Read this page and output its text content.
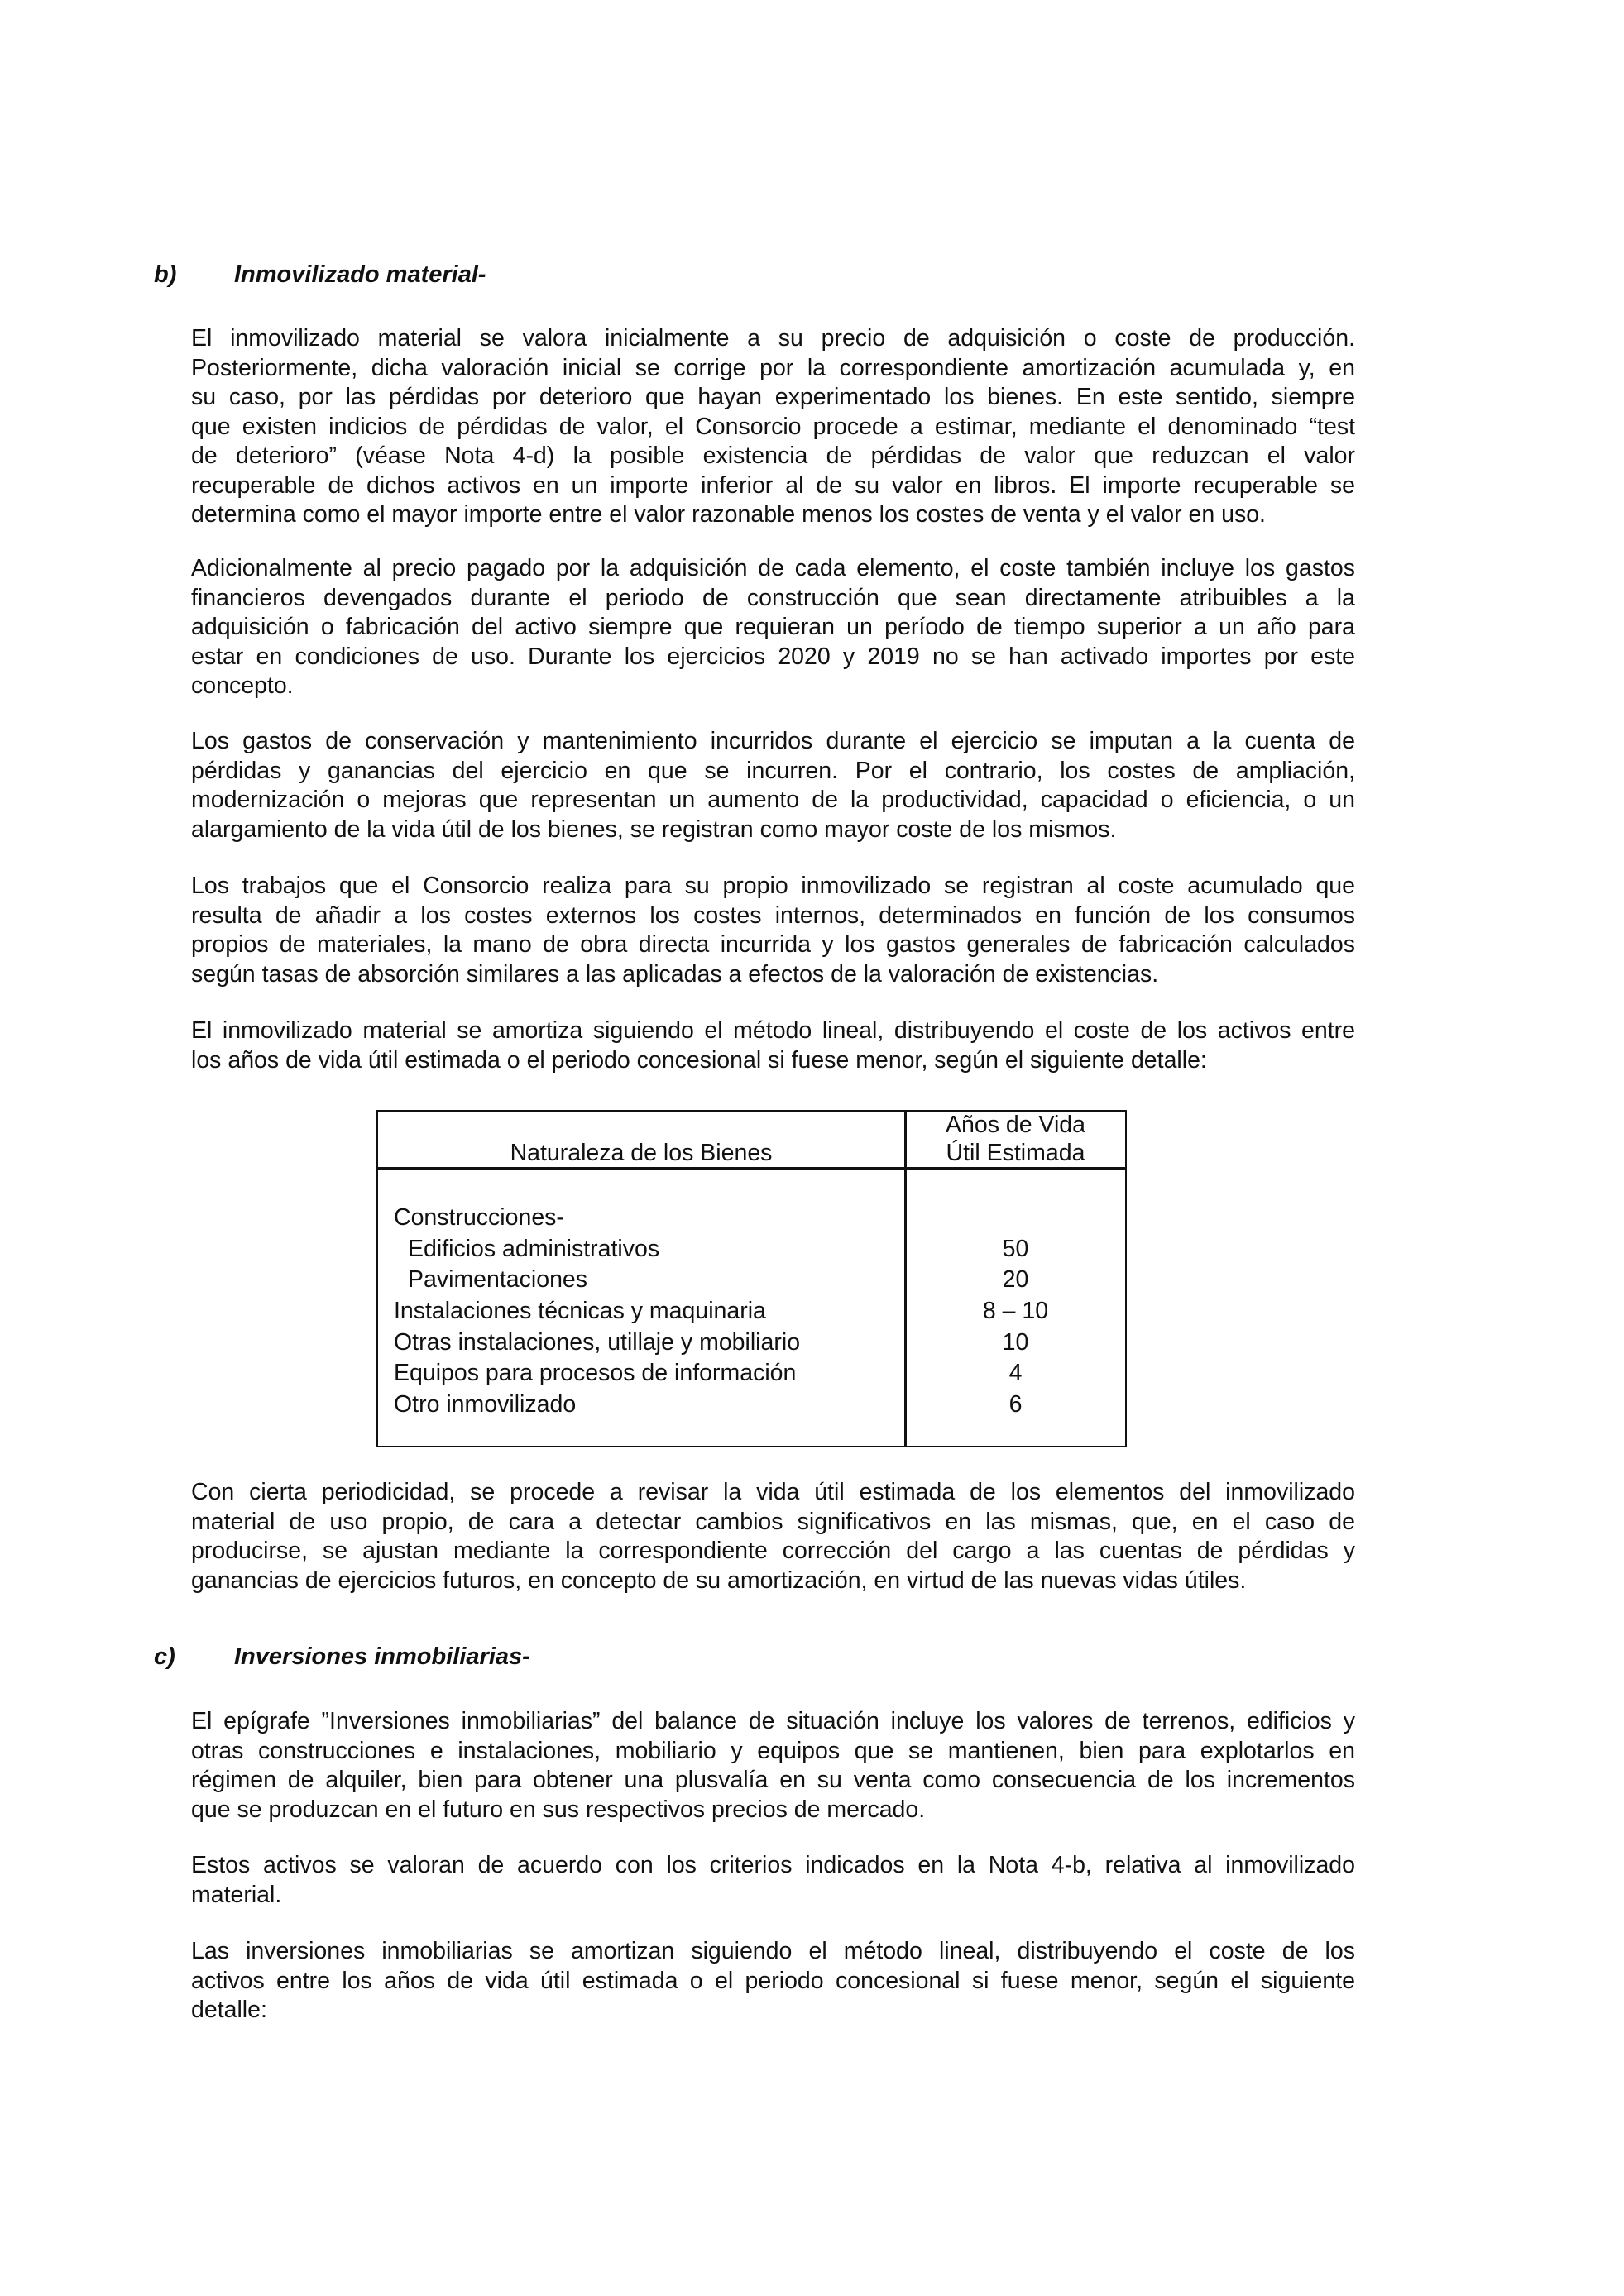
b) Inmovilizado material-
El inmovilizado material se valora inicialmente a su precio de adquisición o coste de producción.
Posteriormente, dicha valoración inicial se corrige por la correspondiente amortización acumulada y, en
su caso, por las pérdidas por deterioro que hayan experimentado los bienes. En este sentido, siempre
que existen indicios de pérdidas de valor, el Consorcio procede a estimar, mediante el denominado “test
de deterioro” (véase Nota 4-d) la posible existencia de pérdidas de valor que reduzcan el valor
recuperable de dichos activos en un importe inferior al de su valor en libros. El importe recuperable se
determina como el mayor importe entre el valor razonable menos los costes de venta y el valor en uso.
Adicionalmente al precio pagado por la adquisición de cada elemento, el coste también incluye los gastos
financieros devengados durante el periodo de construcción que sean directamente atribuibles a la
adquisición o fabricación del activo siempre que requieran un período de tiempo superior a un año para
estar en condiciones de uso. Durante los ejercicios 2020 y 2019 no se han activado importes por este
concepto.
Los gastos de conservación y mantenimiento incurridos durante el ejercicio se imputan a la cuenta de
pérdidas y ganancias del ejercicio en que se incurren. Por el contrario, los costes de ampliación,
modernización o mejoras que representan un aumento de la productividad, capacidad o eficiencia, o un
alargamiento de la vida útil de los bienes, se registran como mayor coste de los mismos.
Los trabajos que el Consorcio realiza para su propio inmovilizado se registran al coste acumulado que
resulta de añadir a los costes externos los costes internos, determinados en función de los consumos
propios de materiales, la mano de obra directa incurrida y los gastos generales de fabricación calculados
según tasas de absorción similares a las aplicadas a efectos de la valoración de existencias.
El inmovilizado material se amortiza siguiendo el método lineal, distribuyendo el coste de los activos entre
los años de vida útil estimada o el periodo concesional si fuese menor, según el siguiente detalle:
Naturaleza de los Bienes
Años de Vida
Útil Estimada
Construcciones-
Edificios administrativos	50
Pavimentaciones	20
Instalaciones técnicas y maquinaria	8 – 10
Otras instalaciones, utillaje y mobiliario	10
Equipos para procesos de información	4
Otro inmovilizado	6
Con cierta periodicidad, se procede a revisar la vida útil estimada de los elementos del inmovilizado
material de uso propio, de cara a detectar cambios significativos en las mismas, que, en el caso de
producirse, se ajustan mediante la correspondiente corrección del cargo a las cuentas de pérdidas y
ganancias de ejercicios futuros, en concepto de su amortización, en virtud de las nuevas vidas útiles.
c) Inversiones inmobiliarias-
El epígrafe ”Inversiones inmobiliarias” del balance de situación incluye los valores de terrenos, edificios y
otras construcciones e instalaciones, mobiliario y equipos que se mantienen, bien para explotarlos en
régimen de alquiler, bien para obtener una plusvalía en su venta como consecuencia de los incrementos
que se produzcan en el futuro en sus respectivos precios de mercado.
Estos activos se valoran de acuerdo con los criterios indicados en la Nota 4-b, relativa al inmovilizado
material.
Las inversiones inmobiliarias se amortizan siguiendo el método lineal, distribuyendo el coste de los
activos entre los años de vida útil estimada o el periodo concesional si fuese menor, según el siguiente
detalle:
